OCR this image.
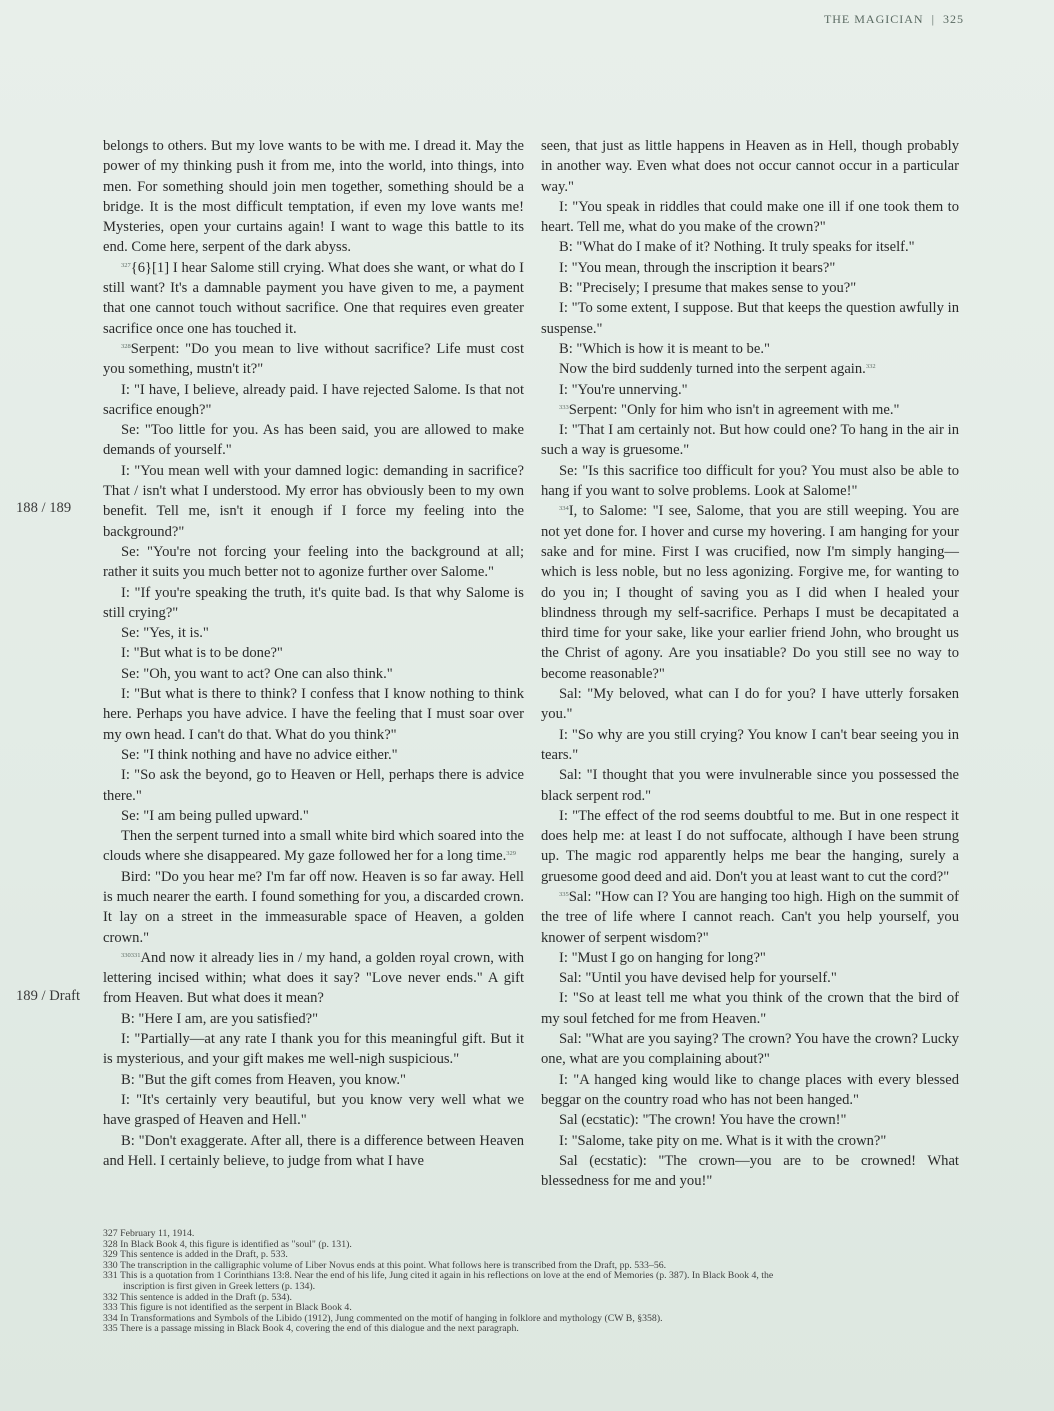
THE MAGICIAN | 325
188 / 189
189 / Draft

belongs to others. But my love wants to be with me. I dread it. May the power of my thinking push it from me, into the world, into things, into men. For something should join men together, something should be a bridge. It is the most difficult temptation, if even my love wants me! Mysteries, open your curtains again! I want to wage this battle to its end. Come here, serpent of the dark abyss.

$^{327}${6}[1] I hear Salome still crying. What does she want, or what do I still want? It's a damnable payment you have given to me, a payment that one cannot touch without sacrifice. One that requires even greater sacrifice once one has touched it.

$^{328}$Serpent: "Do you mean to live without sacrifice? Life must cost you something, mustn't it?"

I: "I have, I believe, already paid. I have rejected Salome. Is that not sacrifice enough?"

Se: "Too little for you. As has been said, you are allowed to make demands of yourself."

I: "You mean well with your damned logic: demanding in sacrifice? That / isn't what I understood. My error has obviously been to my own benefit. Tell me, isn't it enough if I force my feeling into the background?"

Se: "You're not forcing your feeling into the background at all; rather it suits you much better not to agonize further over Salome."

I: "If you're speaking the truth, it's quite bad. Is that why Salome is still crying?"

Se: "Yes, it is."

I: "But what is to be done?"

Se: "Oh, you want to act? One can also think."

I: "But what is there to think? I confess that I know nothing to think here. Perhaps you have advice. I have the feeling that I must soar over my own head. I can't do that. What do you think?"

Se: "I think nothing and have no advice either."

I: "So ask the beyond, go to Heaven or Hell, perhaps there is advice there."

Se: "I am being pulled upward."

Then the serpent turned into a small white bird which soared into the clouds where she disappeared. My gaze followed her for a long time.$^{329}$

Bird: "Do you hear me? I'm far off now. Heaven is so far away. Hell is much nearer the earth. I found something for you, a discarded crown. It lay on a street in the immeasurable space of Heaven, a golden crown."

$^{330331}$And now it already lies in / my hand, a golden royal crown, with lettering incised within; what does it say? "Love never ends." A gift from Heaven. But what does it mean?

B: "Here I am, are you satisfied?"

I: "Partially—at any rate I thank you for this meaningful gift. But it is mysterious, and your gift makes me well-nigh suspicious."

B: "But the gift comes from Heaven, you know."

I: "It's certainly very beautiful, but you know very well what we have grasped of Heaven and Hell."

B: "Don't exaggerate. After all, there is a difference between Heaven and Hell. I certainly believe, to judge from what I have

seen, that just as little happens in Heaven as in Hell, though probably in another way. Even what does not occur cannot occur in a particular way."

I: "You speak in riddles that could make one ill if one took them to heart. Tell me, what do you make of the crown?"

B: "What do I make of it? Nothing. It truly speaks for itself."

I: "You mean, through the inscription it bears?"

B: "Precisely; I presume that makes sense to you?"

I: "To some extent, I suppose. But that keeps the question awfully in suspense."

B: "Which is how it is meant to be."

Now the bird suddenly turned into the serpent again.$^{332}$

I: "You're unnerving."

$^{333}$Serpent: "Only for him who isn't in agreement with me."

I: "That I am certainly not. But how could one? To hang in the air in such a way is gruesome."

Se: "Is this sacrifice too difficult for you? You must also be able to hang if you want to solve problems. Look at Salome!"

$^{334}$I, to Salome: "I see, Salome, that you are still weeping. You are not yet done for. I hover and curse my hovering. I am hanging for your sake and for mine. First I was crucified, now I'm simply hanging—which is less noble, but no less agonizing. Forgive me, for wanting to do you in; I thought of saving you as I did when I healed your blindness through my self-sacrifice. Perhaps I must be decapitated a third time for your sake, like your earlier friend John, who brought us the Christ of agony. Are you insatiable? Do you still see no way to become reasonable?"

Sal: "My beloved, what can I do for you? I have utterly forsaken you."

I: "So why are you still crying? You know I can't bear seeing you in tears."

Sal: "I thought that you were invulnerable since you possessed the black serpent rod."

I: "The effect of the rod seems doubtful to me. But in one respect it does help me: at least I do not suffocate, although I have been strung up. The magic rod apparently helps me bear the hanging, surely a gruesome good deed and aid. Don't you at least want to cut the cord?"

$^{335}$Sal: "How can I? You are hanging too high. High on the summit of the tree of life where I cannot reach. Can't you help yourself, you knower of serpent wisdom?"

I: "Must I go on hanging for long?"

Sal: "Until you have devised help for yourself."

I: "So at least tell me what you think of the crown that the bird of my soul fetched for me from Heaven."

Sal: "What are you saying? The crown? You have the crown? Lucky one, what are you complaining about?"

I: "A hanged king would like to change places with every blessed beggar on the country road who has not been hanged."

Sal (ecstatic): "The crown! You have the crown!"

I: "Salome, take pity on me. What is it with the crown?"

Sal (ecstatic): "The crown—you are to be crowned! What blessedness for me and you!"

327 February 11, 1914.
328 In Black Book 4, this figure is identified as "soul" (p. 131).
329 This sentence is added in the Draft, p. 533.
330 The transcription in the calligraphic volume of Liber Novus ends at this point. What follows here is transcribed from the Draft, pp. 533–56.
331 This is a quotation from 1 Corinthians 13:8. Near the end of his life, Jung cited it again in his reflections on love at the end of Memories (p. 387). In Black Book 4, the
inscription is first given in Greek letters (p. 134).
332 This sentence is added in the Draft (p. 534).
333 This figure is not identified as the serpent in Black Book 4.
334 In Transformations and Symbols of the Libido (1912), Jung commented on the motif of hanging in folklore and mythology (CW B, §358).
335 There is a passage missing in Black Book 4, covering the end of this dialogue and the next paragraph.
